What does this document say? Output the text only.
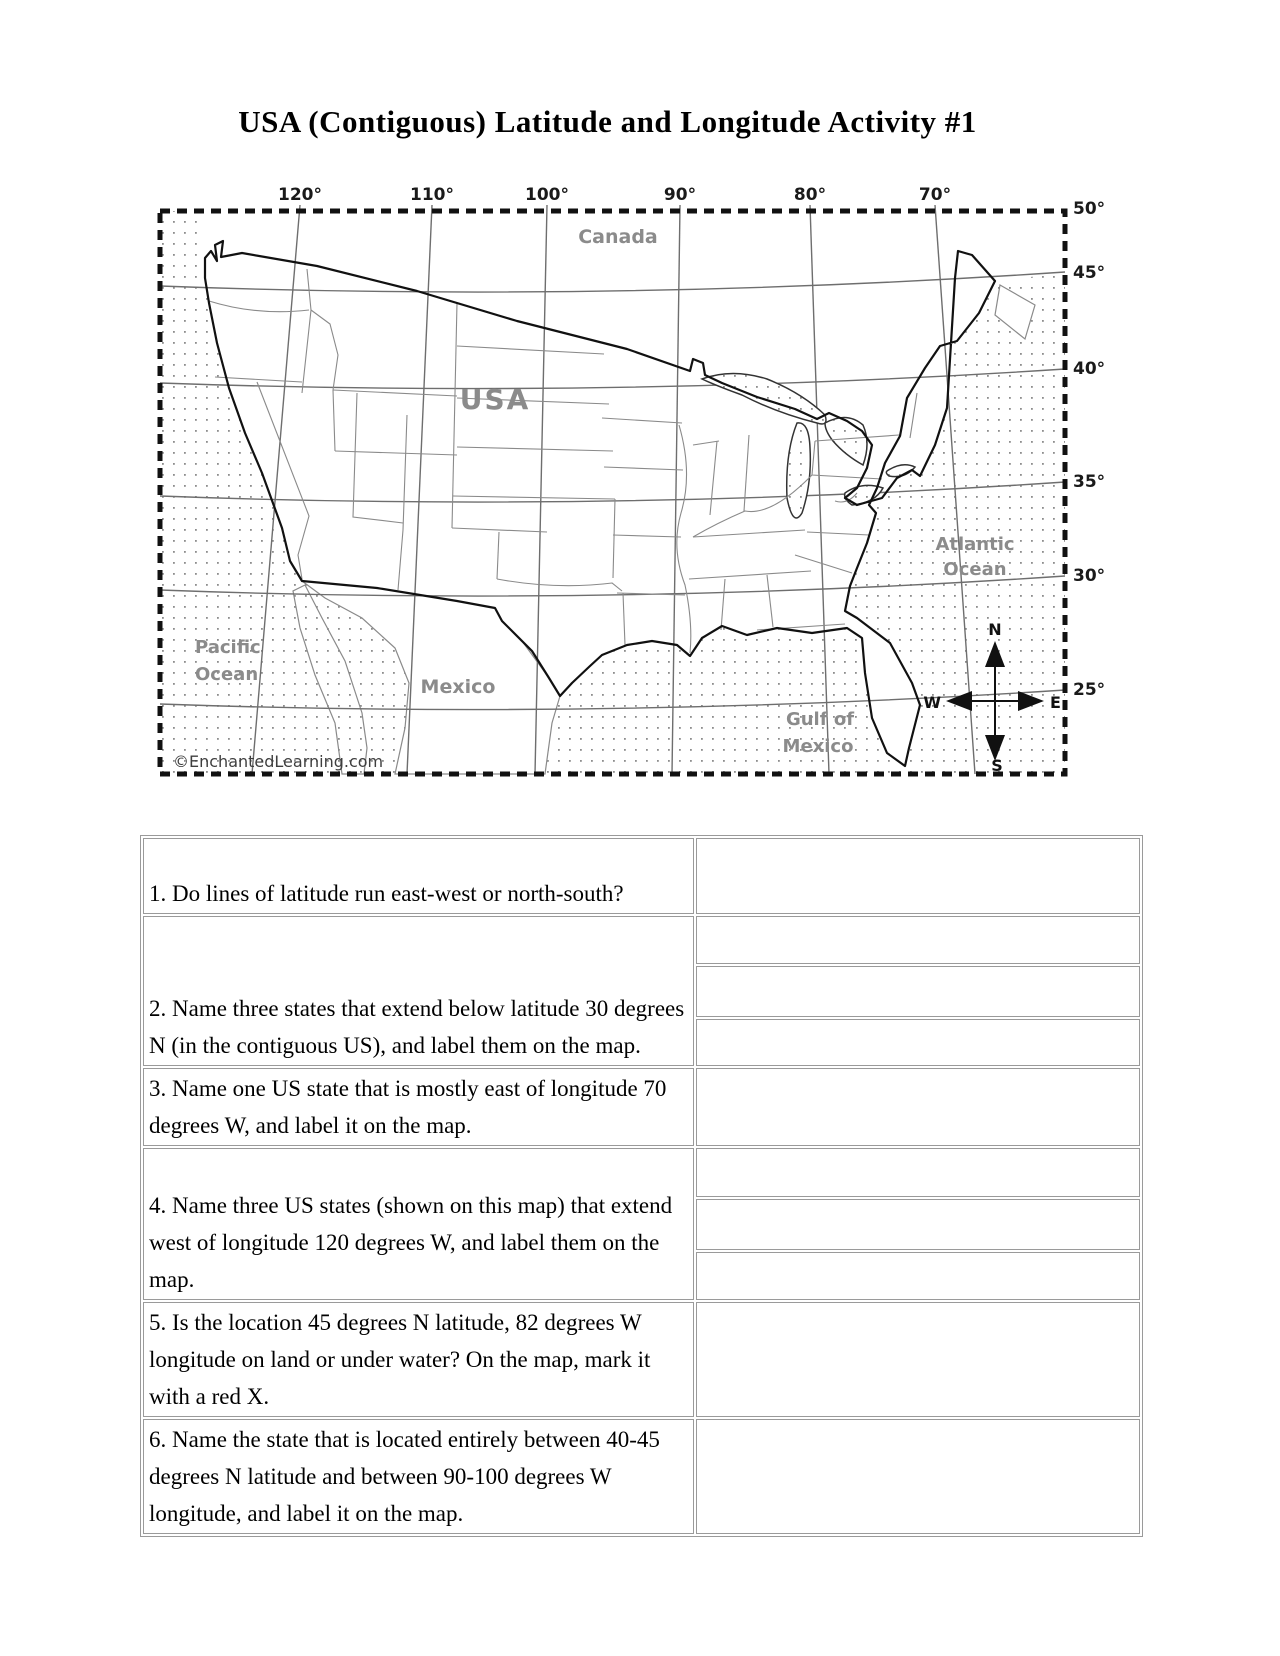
USA (Contiguous) Latitude and Longitude Activity #1
120°	110°	100°	90°	80°	70°
50°
45°
40°
35°
30°
25°
Canada
USA
Mexico
Pacific
Ocean
Atlantic
Ocean
Gulf of
Mexico
©EnchantedLearning.com
N
S
W	E
1. Do lines of latitude run east-west or north-south?	
2. Name three states that extend below latitude 30 degrees N (in the contiguous US), and label them on the map.	

3. Name one US state that is mostly east of longitude 70 degrees W, and label it on the map.	
4. Name three US states (shown on this map) that extend west of longitude 120 degrees W, and label them on the map.	

5. Is the location 45 degrees N latitude, 82 degrees W longitude on land or under water? On the map, mark it with a red X.	
6. Name the state that is located entirely between 40-45 degrees N latitude and between 90-100 degrees W longitude, and label it on the map.	
